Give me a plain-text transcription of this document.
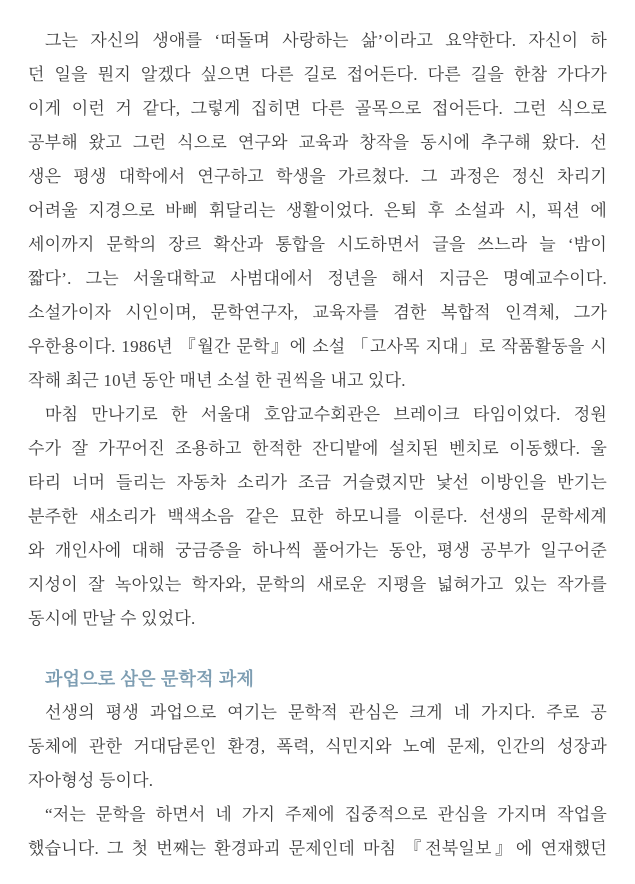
그는 자신의 생애를 ‘떠돌며 사랑하는 삶’이라고 요약한다. 자신이 하
던 일을 뭔지 알겠다 싶으면 다른 길로 접어든다. 다른 길을 한참 가다가
이게 이런 거 같다, 그렇게 집히면 다른 골목으로 접어든다. 그런 식으로
공부해 왔고 그런 식으로 연구와 교육과 창작을 동시에 추구해 왔다. 선
생은 평생 대학에서 연구하고 학생을 가르쳤다. 그 과정은 정신 차리기
어려울 지경으로 바삐 휘달리는 생활이었다. 은퇴 후 소설과 시, 픽션 에
세이까지 문학의 장르 확산과 통합을 시도하면서 글을 쓰느라 늘 ‘밤이
짧다’. 그는 서울대학교 사범대에서 정년을 해서 지금은 명예교수이다.
소설가이자 시인이며, 문학연구자, 교육자를 겸한 복합적 인격체, 그가
우한용이다. 1986년 『월간 문학』에 소설 「고사목 지대」로 작품활동을 시
작해 최근 10년 동안 매년 소설 한 권씩을 내고 있다.
마침 만나기로 한 서울대 호암교수회관은 브레이크 타임이었다. 정원
수가 잘 가꾸어진 조용하고 한적한 잔디밭에 설치된 벤치로 이동했다. 울
타리 너머 들리는 자동차 소리가 조금 거슬렸지만 낯선 이방인을 반기는
분주한 새소리가 백색소음 같은 묘한 하모니를 이룬다. 선생의 문학세계
와 개인사에 대해 궁금증을 하나씩 풀어가는 동안, 평생 공부가 일구어준
지성이 잘 녹아있는 학자와, 문학의 새로운 지평을 넓혀가고 있는 작가를
동시에 만날 수 있었다.
과업으로 삼은 문학적 과제
선생의 평생 과업으로 여기는 문학적 관심은 크게 네 가지다. 주로 공
동체에 관한 거대담론인 환경, 폭력, 식민지와 노예 문제, 인간의 성장과
자아형성 등이다.
“저는 문학을 하면서 네 가지 주제에 집중적으로 관심을 가지며 작업을
했습니다. 그 첫 번째는 환경파괴 문제인데 마침 『전북일보』에 연재했던
